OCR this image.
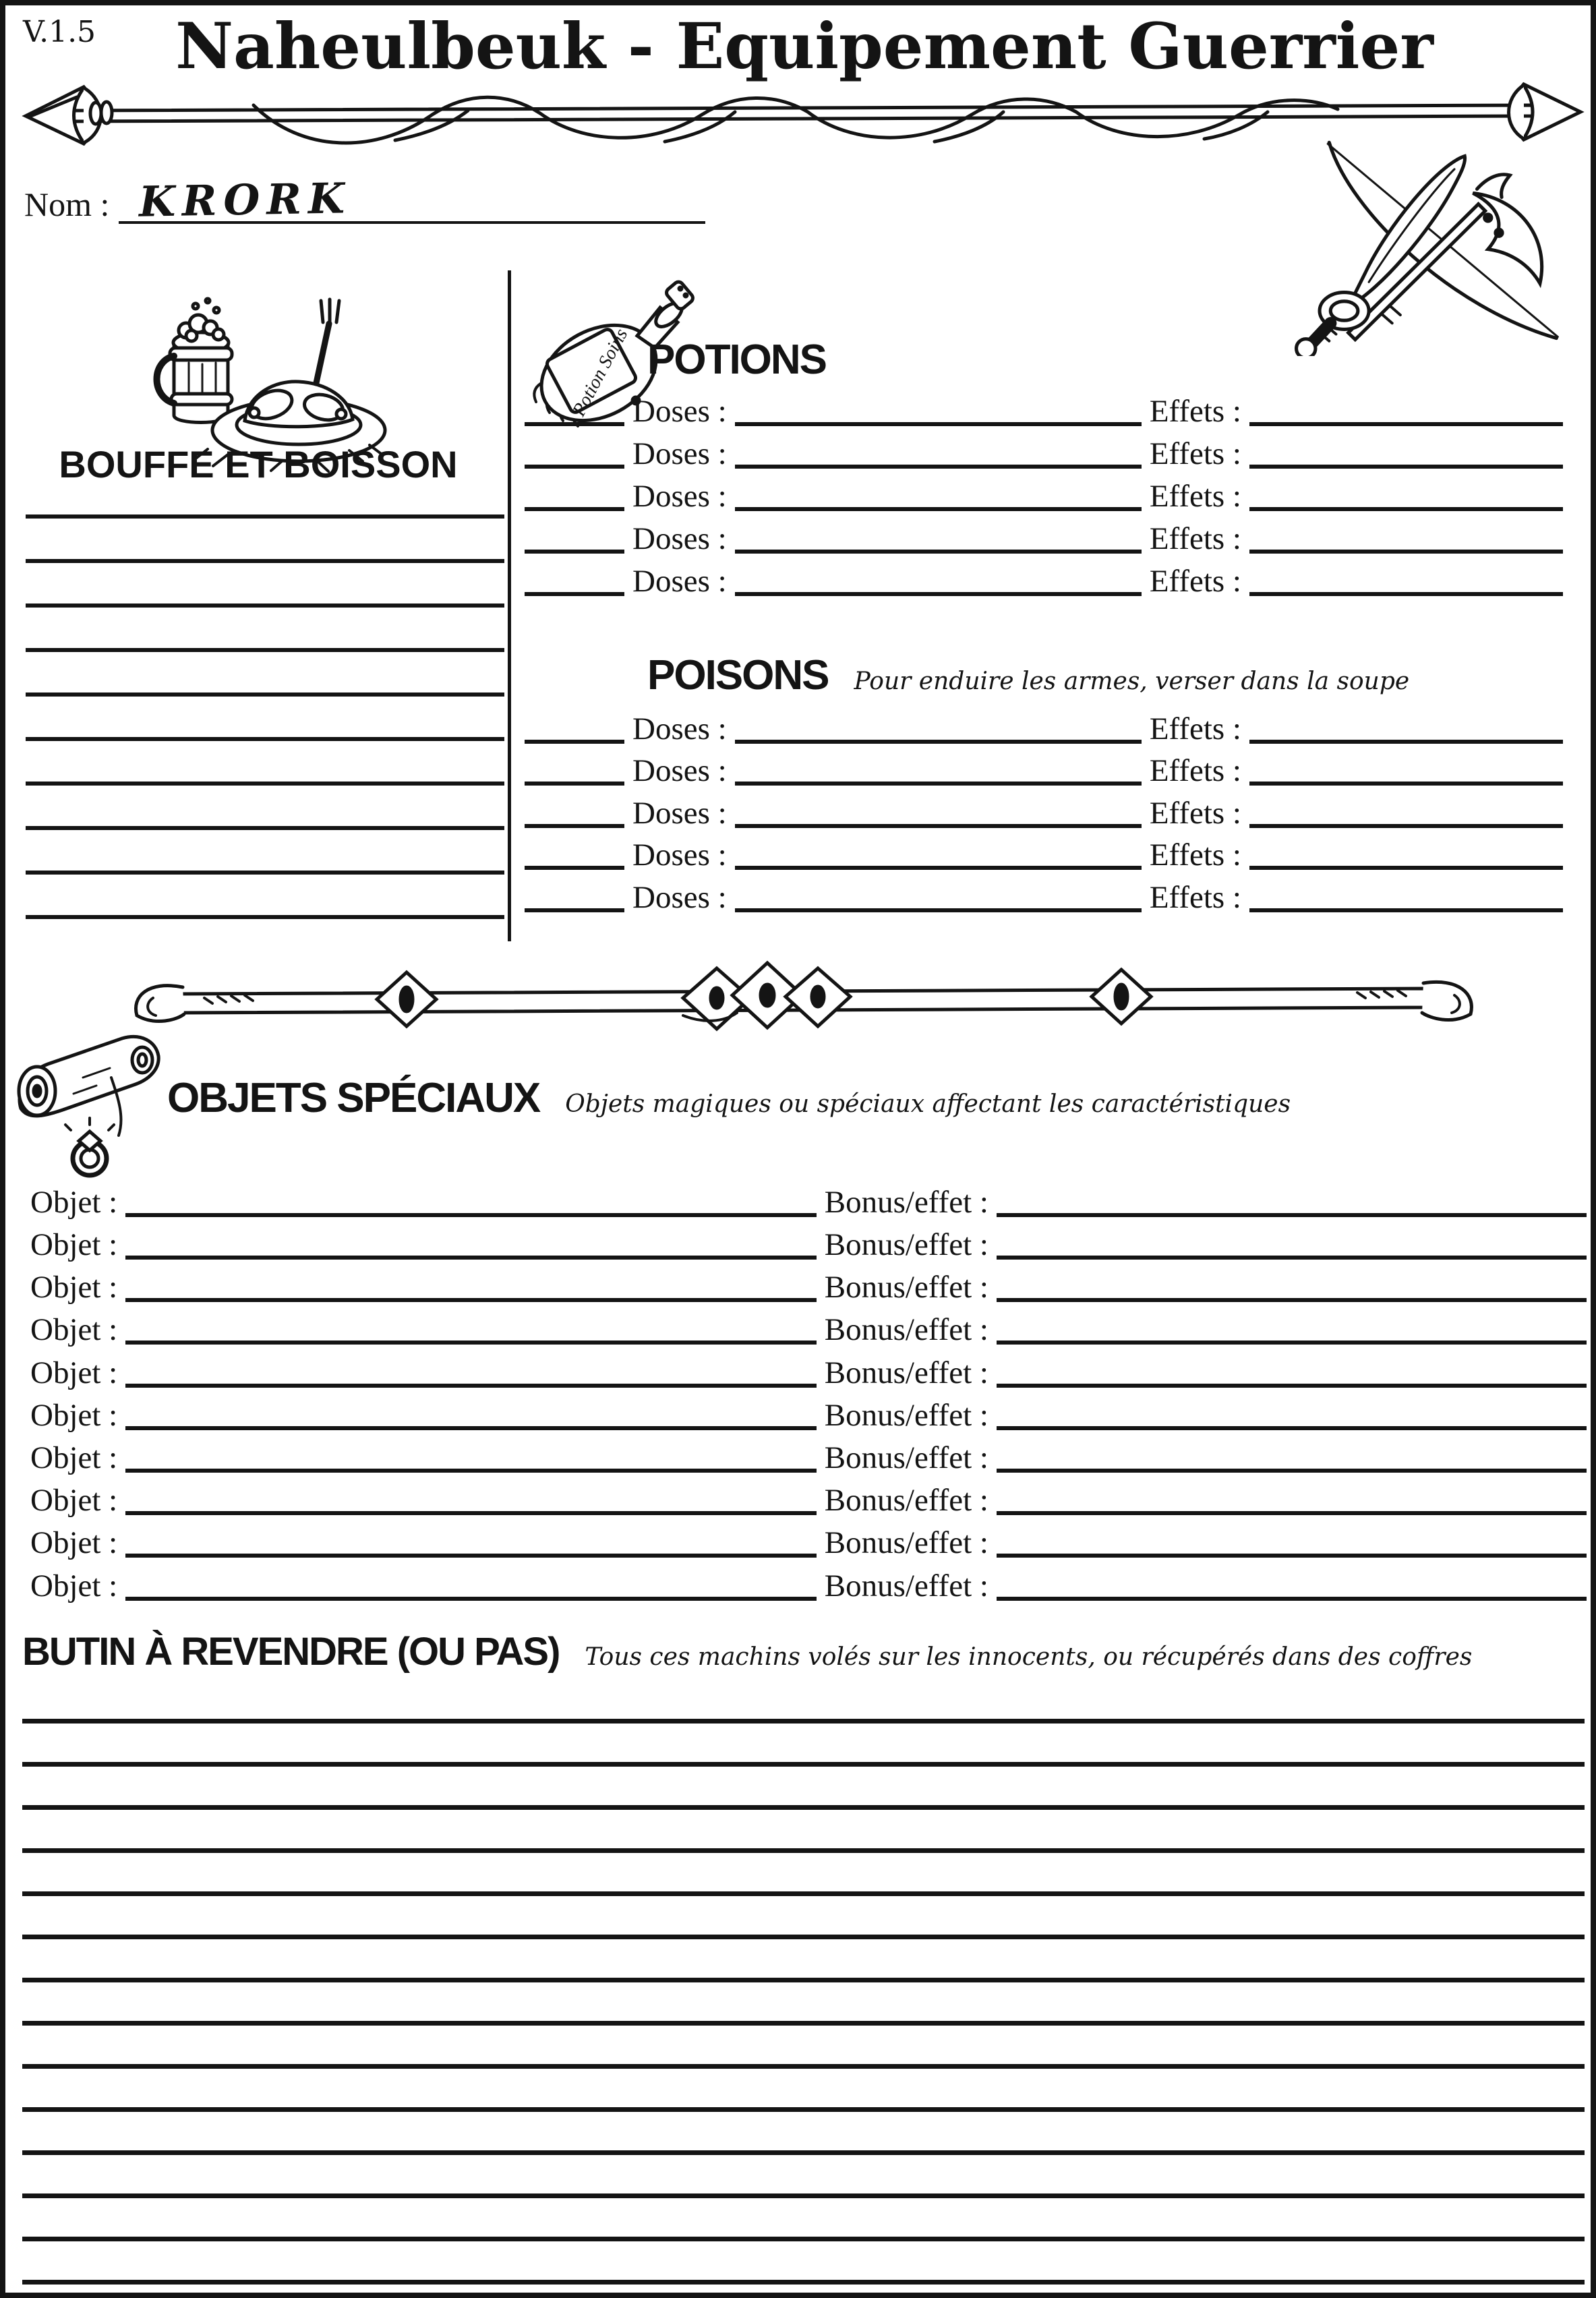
V.1.5	Naheulbeuk - Equipement Guerrier
Nom : KRORK
BOUFFE ET BOISSON
Potion Soins POTIONS
Doses :	Effets :
Doses :	Effets :
Doses :	Effets :
Doses :	Effets :
Doses :	Effets :
POISONS Pour enduire les armes, verser dans la soupe
Doses :	Effets :
Doses :	Effets :
Doses :	Effets :
Doses :	Effets :
Doses :	Effets :
OBJETS SPÉCIAUX Objets magiques ou spéciaux affectant les caractéristiques
Objet :	Bonus/effet :
Objet :	Bonus/effet :
Objet :	Bonus/effet :
Objet :	Bonus/effet :
Objet :	Bonus/effet :
Objet :	Bonus/effet :
Objet :	Bonus/effet :
Objet :	Bonus/effet :
Objet :	Bonus/effet :
Objet :	Bonus/effet :
BUTIN À REVENDRE (OU PAS) Tous ces machins volés sur les innocents, ou récupérés dans des coffres
